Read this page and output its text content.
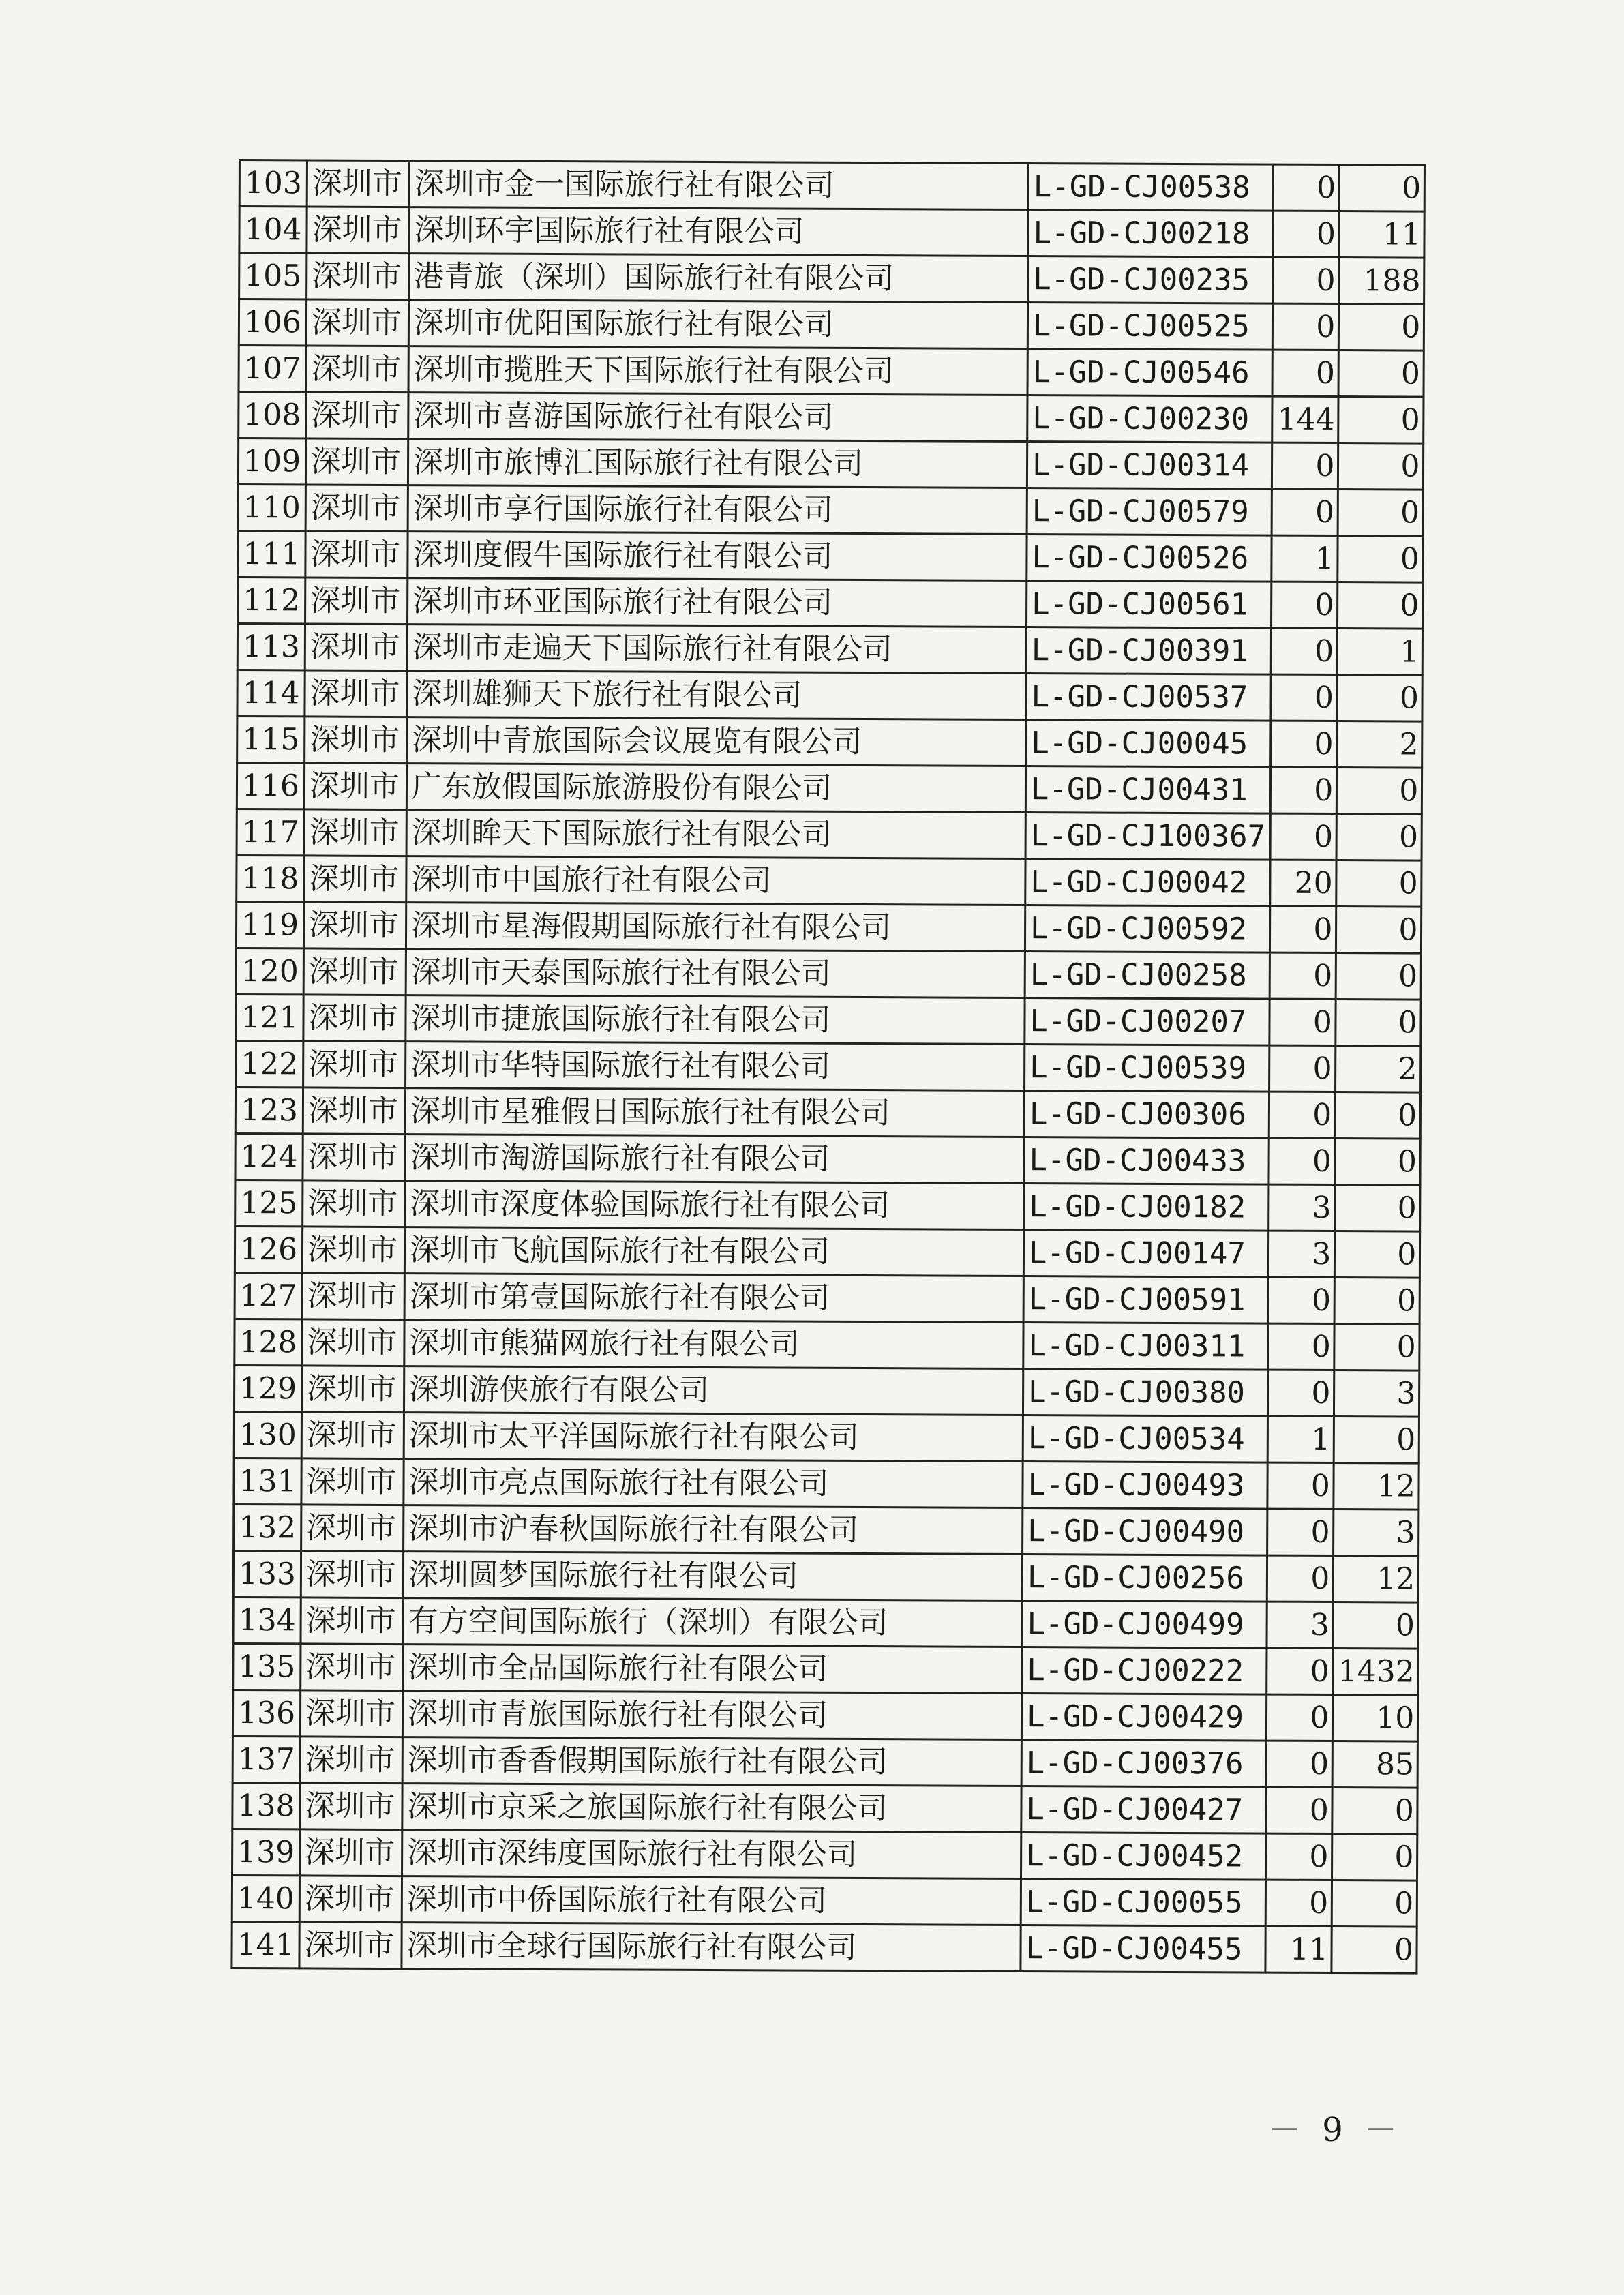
103	深圳市	深圳市金一国际旅行社有限公司	L-GD-CJ00538	0	0
104	深圳市	深圳环宇国际旅行社有限公司	L-GD-CJ00218	0	11
105	深圳市	港青旅（深圳）国际旅行社有限公司	L-GD-CJ00235	0	188
106	深圳市	深圳市优阳国际旅行社有限公司	L-GD-CJ00525	0	0
107	深圳市	深圳市揽胜天下国际旅行社有限公司	L-GD-CJ00546	0	0
108	深圳市	深圳市喜游国际旅行社有限公司	L-GD-CJ00230	144	0
109	深圳市	深圳市旅博汇国际旅行社有限公司	L-GD-CJ00314	0	0
110	深圳市	深圳市享行国际旅行社有限公司	L-GD-CJ00579	0	0
111	深圳市	深圳度假牛国际旅行社有限公司	L-GD-CJ00526	1	0
112	深圳市	深圳市环亚国际旅行社有限公司	L-GD-CJ00561	0	0
113	深圳市	深圳市走遍天下国际旅行社有限公司	L-GD-CJ00391	0	1
114	深圳市	深圳雄狮天下旅行社有限公司	L-GD-CJ00537	0	0
115	深圳市	深圳中青旅国际会议展览有限公司	L-GD-CJ00045	0	2
116	深圳市	广东放假国际旅游股份有限公司	L-GD-CJ00431	0	0
117	深圳市	深圳眸天下国际旅行社有限公司	L-GD-CJ100367	0	0
118	深圳市	深圳市中国旅行社有限公司	L-GD-CJ00042	20	0
119	深圳市	深圳市星海假期国际旅行社有限公司	L-GD-CJ00592	0	0
120	深圳市	深圳市天泰国际旅行社有限公司	L-GD-CJ00258	0	0
121	深圳市	深圳市捷旅国际旅行社有限公司	L-GD-CJ00207	0	0
122	深圳市	深圳市华特国际旅行社有限公司	L-GD-CJ00539	0	2
123	深圳市	深圳市星雅假日国际旅行社有限公司	L-GD-CJ00306	0	0
124	深圳市	深圳市淘游国际旅行社有限公司	L-GD-CJ00433	0	0
125	深圳市	深圳市深度体验国际旅行社有限公司	L-GD-CJ00182	3	0
126	深圳市	深圳市飞航国际旅行社有限公司	L-GD-CJ00147	3	0
127	深圳市	深圳市第壹国际旅行社有限公司	L-GD-CJ00591	0	0
128	深圳市	深圳市熊猫网旅行社有限公司	L-GD-CJ00311	0	0
129	深圳市	深圳游侠旅行有限公司	L-GD-CJ00380	0	3
130	深圳市	深圳市太平洋国际旅行社有限公司	L-GD-CJ00534	1	0
131	深圳市	深圳市亮点国际旅行社有限公司	L-GD-CJ00493	0	12
132	深圳市	深圳市沪春秋国际旅行社有限公司	L-GD-CJ00490	0	3
133	深圳市	深圳圆梦国际旅行社有限公司	L-GD-CJ00256	0	12
134	深圳市	有方空间国际旅行（深圳）有限公司	L-GD-CJ00499	3	0
135	深圳市	深圳市全品国际旅行社有限公司	L-GD-CJ00222	0	1432
136	深圳市	深圳市青旅国际旅行社有限公司	L-GD-CJ00429	0	10
137	深圳市	深圳市香香假期国际旅行社有限公司	L-GD-CJ00376	0	85
138	深圳市	深圳市京采之旅国际旅行社有限公司	L-GD-CJ00427	0	0
139	深圳市	深圳市深纬度国际旅行社有限公司	L-GD-CJ00452	0	0
140	深圳市	深圳市中侨国际旅行社有限公司	L-GD-CJ00055	0	0
141	深圳市	深圳市全球行国际旅行社有限公司	L-GD-CJ00455	11	0
－ 9 －
